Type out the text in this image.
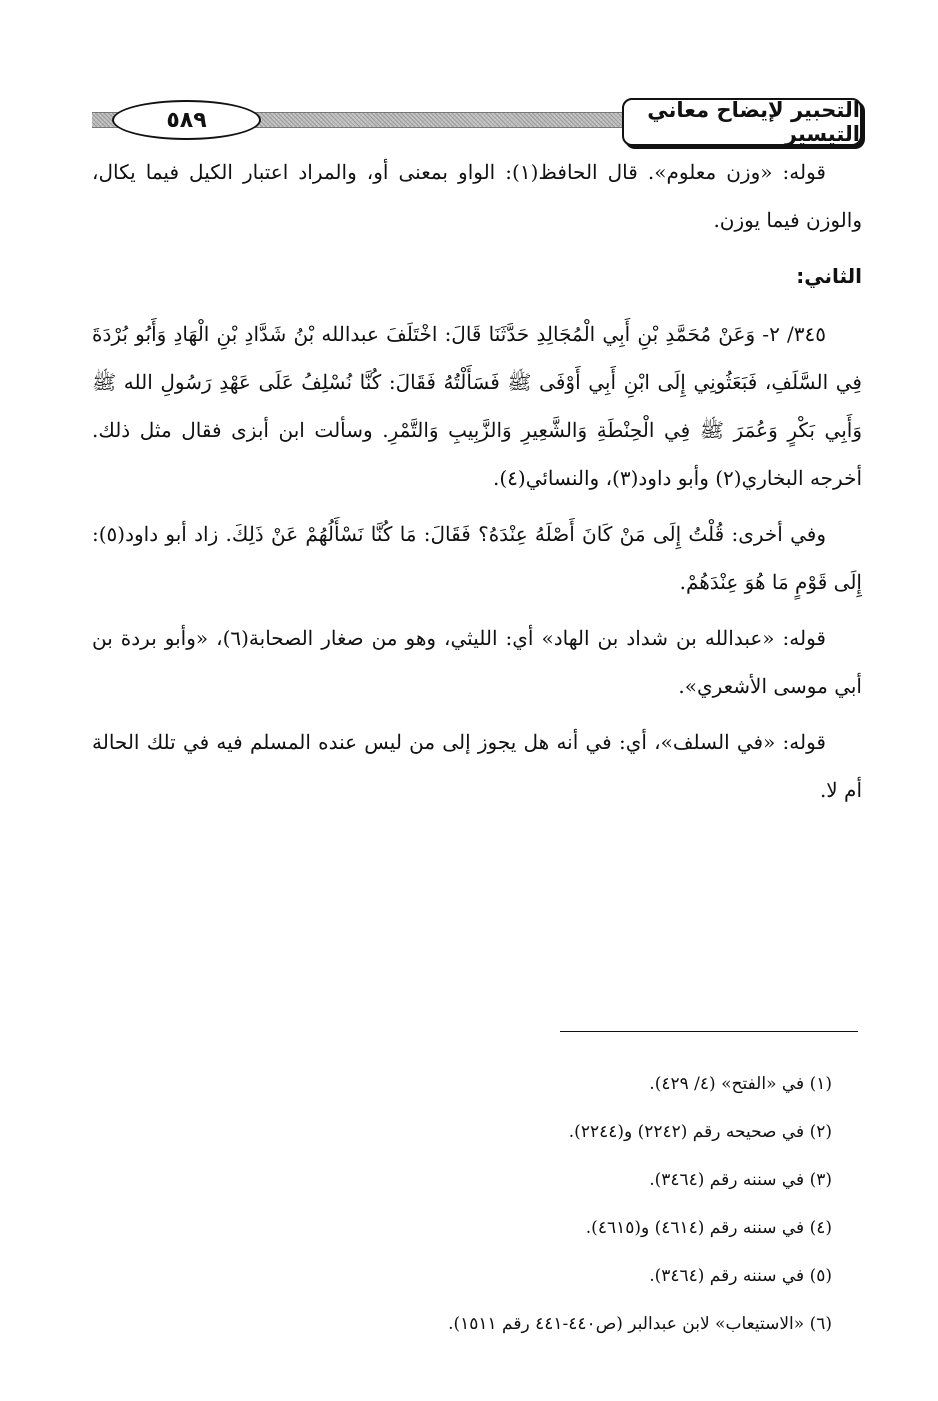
٥٨٩	التحبير لإيضاح معاني التيسير

قوله: «وزن معلوم». قال الحافظ(١): الواو بمعنى أو، والمراد اعتبار الكيل فيما يكال، والوزن فيما يوزن.

الثاني:

٣٤٥/ ٢- وَعَنْ مُحَمَّدِ بْنِ أَبِي الْمُجَالِدِ حَدَّثَنَا قَالَ: اخْتَلَفَ عبدالله بْنُ شَدَّادِ بْنِ الْهَادِ وَأَبُو بُرْدَةَ فِي السَّلَفِ، فَبَعَثُونِي إِلَى ابْنِ أَبِي أَوْفَى ﷺ فَسَأَلْتُهُ فَقَالَ: كُنَّا نُسْلِفُ عَلَى عَهْدِ رَسُولِ الله ﷺ وَأَبِي بَكْرٍ وَعُمَرَ ﷺ فِي الْحِنْطَةِ وَالشَّعِيرِ وَالزَّبِيبِ وَالتَّمْرِ. وسألت ابن أبزى فقال مثل ذلك. أخرجه البخاري(٢) وأبو داود(٣)، والنسائي(٤).

وفي أخرى: قُلْتُ إِلَى مَنْ كَانَ أَصْلَهُ عِنْدَهُ؟ فَقَالَ: مَا كُنَّا نَسْأَلُهُمْ عَنْ ذَلِكَ. زاد أبو داود(٥): إِلَى قَوْمٍ مَا هُوَ عِنْدَهُمْ.

قوله: «عبدالله بن شداد بن الهاد» أي: الليثي، وهو من صغار الصحابة(٦)، «وأبو بردة بن أبي موسى الأشعري».

قوله: «في السلف»، أي: في أنه هل يجوز إلى من ليس عنده المسلم فيه في تلك الحالة أم لا.

(١) في «الفتح» (٤/ ٤٢٩).

(٢) في صحيحه رقم (٢٢٤٢) و(٢٢٤٤).

(٣) في سننه رقم (٣٤٦٤).

(٤) في سننه رقم (٤٦١٤) و(٤٦١٥).

(٥) في سننه رقم (٣٤٦٤).

(٦) «الاستيعاب» لابن عبدالبر (ص٤٤٠-٤٤١ رقم ١٥١١).
